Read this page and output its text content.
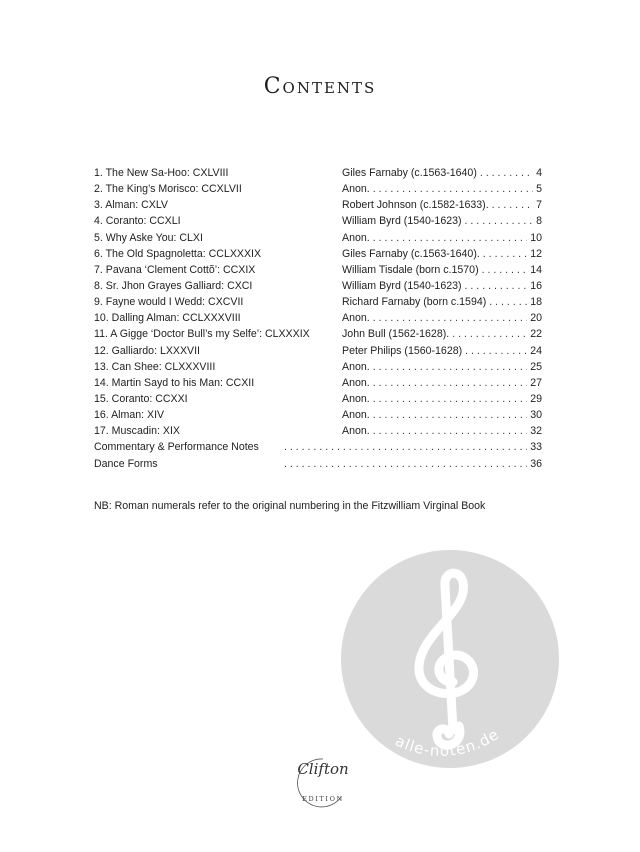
Contents
1. The New Sa-Hoo: CXLVIII	Giles Farnaby (c.1563-1640) . . .	4
2. The King’s Morisco: CCXLVII	Anon. . . .	5
3. Alman: CXLV	Robert Johnson (c.1582-1633). . . .	7
4. Coranto: CCXLI	William Byrd (1540-1623) . . .	8
5. Why Aske You: CLXI	Anon. . . .	10
6. The Old Spagnoletta: CCLXXXIX	Giles Farnaby (c.1563-1640). . . .	12
7. Pavana ‘Clement Cottõ’: CCXIX	William Tisdale (born c.1570) . . .	14
8. Sr. Jhon Grayes Galliard: CXCI	William Byrd (1540-1623) . . .	16
9. Fayne would I Wedd: CXCVII	Richard Farnaby (born c.1594) . . .	18
10. Dalling Alman: CCLXXXVIII	Anon. . . .	20
11. A Gigge ‘Doctor Bull’s my Selfe’: CLXXXIX	John Bull (1562-1628). . . .	22
12. Galliardo: LXXXVII	Peter Philips (1560-1628) . . .	24
13. Can Shee: CLXXXVIII	Anon. . . .	25
14. Martin Sayd to his Man: CCXII	Anon. . . .	27
15. Coranto: CCXXI	Anon. . . .	29
16. Alman: XIV	Anon. . . .	30
17. Muscadin: XIX	Anon. . . .	32
Commentary & Performance Notes . . .	33
Dance Forms . . .	36
NB: Roman numerals refer to the original numbering in the Fitzwilliam Virginal Book
alle-noten.de
Clifton
EDITION
